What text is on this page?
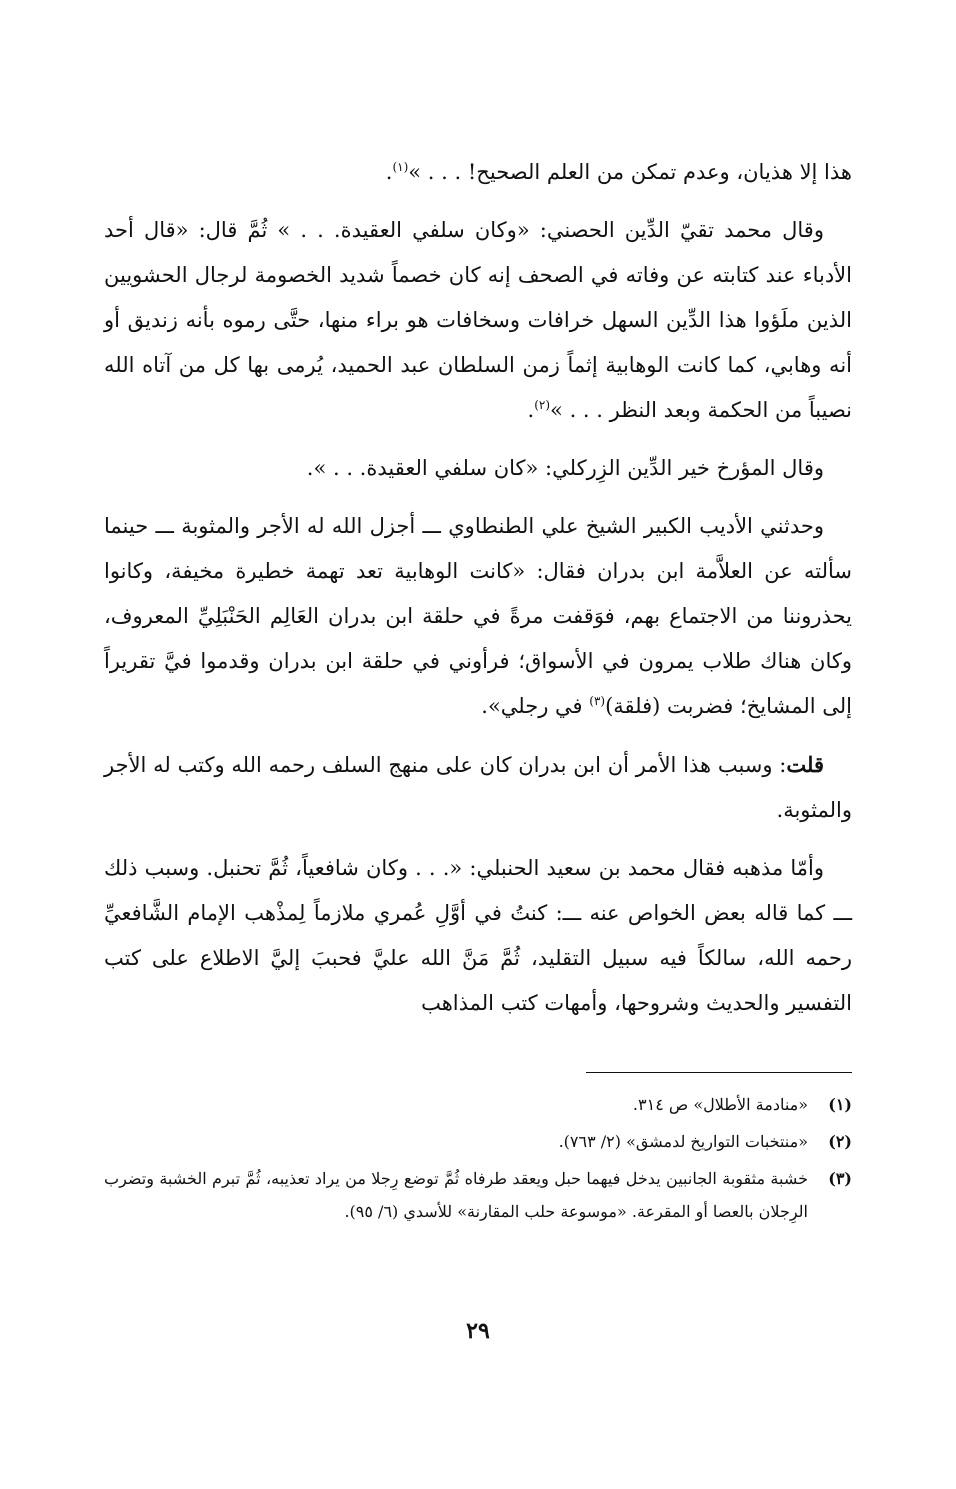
هذا إلا هذيان، وعدم تمكن من العلم الصحيح! . . . »$^{(١)}$.

وقال محمد تقيّ الدِّين الحصني: «وكان سلفي العقيدة. . . » ثُمَّ قال: «قال أحد الأدباء عند كتابته عن وفاته في الصحف إنه كان خصماً شديد الخصومة لرجال الحشويين الذين ملَؤوا هذا الدِّين السهل خرافات وسخافات هو براء منها، حتَّى رموه بأنه زنديق أو أنه وهابي، كما كانت الوهابية إثماً زمن السلطان عبد الحميد، يُرمى بها كل من آتاه الله نصيباً من الحكمة وبعد النظر . . . »$^{(٢)}$.

وقال المؤرخ خير الدِّين الزِركلي: «كان سلفي العقيدة. . . ».

وحدثني الأديب الكبير الشيخ علي الطنطاوي ـــ أجزل الله له الأجر والمثوبة ـــ حينما سألته عن العلاَّمة ابن بدران فقال: «كانت الوهابية تعد تهمة خطيرة مخيفة، وكانوا يحذروننا من الاجتماع بهم، فوَقفت مرةً في حلقة ابن بدران العَالِم الحَنْبَلِيِّ المعروف، وكان هناك طلاب يمرون في الأسواق؛ فرأوني في حلقة ابن بدران وقدموا فيَّ تقريراً إلى المشايخ؛ فضربت (فلقة)$^{(٣)}$ في رجلي».

قلت: وسبب هذا الأمر أن ابن بدران كان على منهج السلف رحمه الله وكتب له الأجر والمثوبة.

وأمّا مذهبه فقال محمد بن سعيد الحنبلي: «. . . وكان شافعياً، ثُمَّ تحنبل. وسبب ذلك ـــ كما قاله بعض الخواص عنه ـــ: كنتُ في أوَّلِ عُمري ملازماً لِمذْهب الإمام الشَّافعيِّ رحمه الله، سالكاً فيه سبيل التقليد، ثُمَّ مَنَّ الله عليَّ فحببَ إليَّ الاطلاع على كتب التفسير والحديث وشروحها، وأمهات كتب المذاهب

(١)
«منادمة الأطلال» ص ٣١٤.
(٢)
«منتخبات التواريخ لدمشق» (٢/ ٧٦٣).
(٣)
خشبة مثقوبة الجانبين يدخل فيهما حبل ويعقد طرفاه ثُمَّ توضع رِجلا من يراد تعذيبه، ثُمَّ تبرم الخشبة وتضرب الرِجلان بالعصا أو المقرعة. «موسوعة حلب المقارنة» للأسدي (٦/ ٩٥).
٢٩
